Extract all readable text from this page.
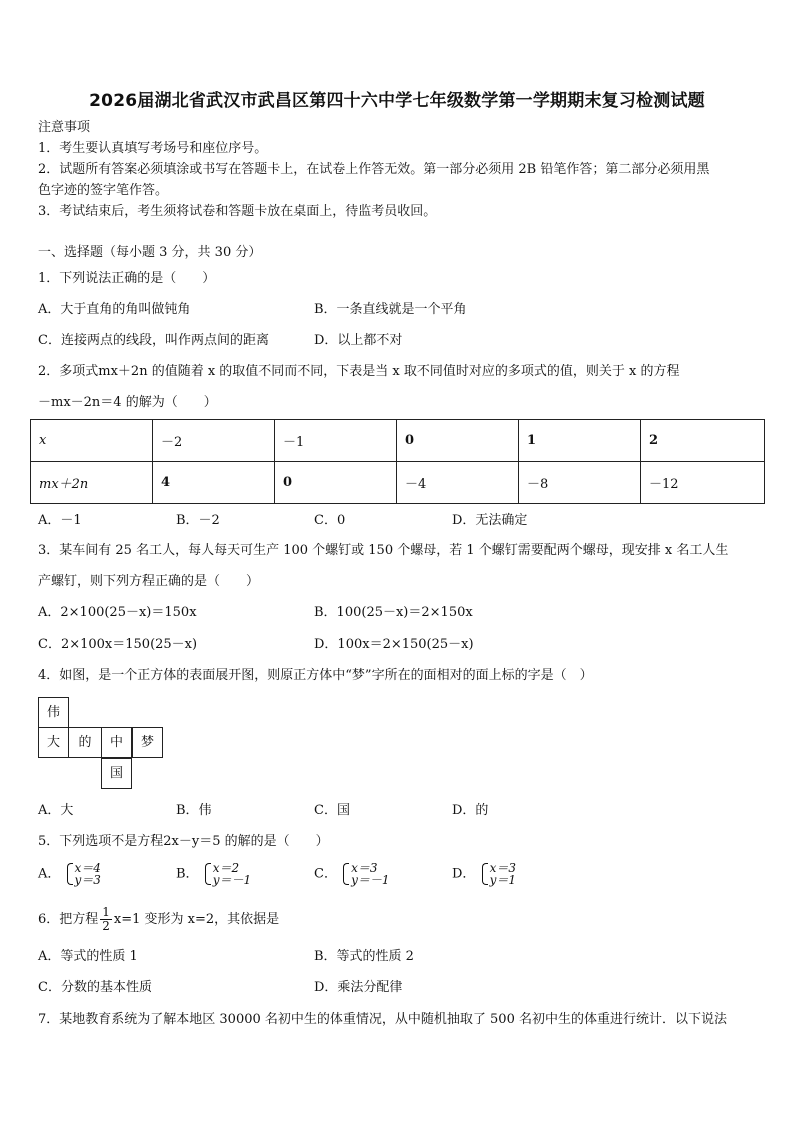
2026届湖北省武汉市武昌区第四十六中学七年级数学第一学期期末复习检测试题
注意事项
1．考生要认真填写考场号和座位序号。
2．试题所有答案必须填涂或书写在答题卡上，在试卷上作答无效。第一部分必须用 2B 铅笔作答；第二部分必须用黑
色字迹的签字笔作答。
3．考试结束后，考生须将试卷和答题卡放在桌面上，待监考员收回。
一、选择题（每小题 3 分，共 30 分）
1．下列说法正确的是（　　）
A．大于直角的角叫做钝角	B．一条直线就是一个平角
C．连接两点的线段，叫作两点间的距离	D．以上都不对
2．多项式mx＋2n 的值随着 x 的取值不同而不同，下表是当 x 取不同值时对应的多项式的值，则关于 x 的方程
－mx－2n＝4 的解为（　　）
x	－2	－1	0	1	2
mx＋2n	4	0	－4	－8	－12
A．－1	B．－2	C．0	D．无法确定
3．某车间有 25 名工人，每人每天可生产 100 个螺钉或 150 个螺母，若 1 个螺钉需要配两个螺母，现安排 x 名工人生
产螺钉，则下列方程正确的是（　　）
A．2×100(25－x)＝150x	B．100(25－x)＝2×150x
C．2×100x＝150(25－x)	D．100x＝2×150(25－x)
4．如图，是一个正方体的表面展开图，则原正方体中“梦”字所在的面相对的面上标的字是（　）
伟
大	的	中	梦
国
A．大	B．伟	C．国	D．的
5．下列选项不是方程2x－y＝5 的解的是（　　）
A． x＝4
y＝3	B． x＝2
y＝－1	C． x＝3
y＝－1	D． x＝3
y＝1
6．把方程 $\frac{1}{2} x=1$ 变形为 x=2，其依据是
A．等式的性质 1	B．等式的性质 2
C．分数的基本性质	D．乘法分配律
7．某地教育系统为了解本地区 30000 名初中生的体重情况，从中随机抽取了 500 名初中生的体重进行统计．以下说法
